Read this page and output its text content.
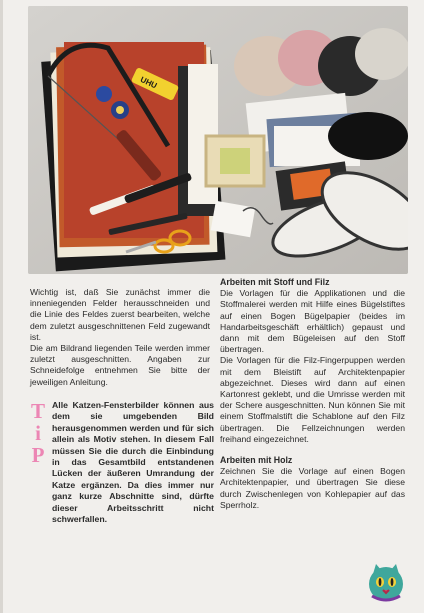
UHU

Wichtig ist, daß Sie zunächst immer die inneniegenden Felder herausschneiden und die Linie des Feldes zuerst bearbeiten, welche dem zuletzt ausgeschnittenen Feld zugewandt ist.

Die am Bildrand liegenden Teile werden immer zuletzt ausgeschnitten. Angaben zur Schneidefolge entnehmen Sie bitte der jeweiligen Anleitung.

T
i
P
Alle Katzen-Fensterbilder können aus dem sie umgebenden Bild herausgenommen werden und für sich allein als Motiv stehen. In diesem Fall müssen Sie die durch die Einbindung in das Gesamtbild entstandenen Lücken der äußeren Umrandung der Katze ergänzen. Da dies immer nur ganz kurze Abschnitte sind, dürfte dieser Arbeitsschritt nicht schwerfallen.
Arbeiten mit Stoff und Filz

Die Vorlagen für die Applikationen und die Stoffmalerei werden mit Hilfe eines Bügelstiftes auf einen Bogen Bügelpapier (beides im Handarbeitsgeschäft erhältlich) gepaust und dann mit dem Bügeleisen auf den Stoff übertragen.

Die Vorlagen für die Filz-Fingerpuppen werden mit dem Bleistift auf Architektenpapier abgezeichnet. Dieses wird dann auf einen Kartonrest geklebt, und die Umrisse werden mit der Schere ausgeschnitten. Nun können Sie mit einem Stoffmalstift die Schablone auf den Filz übertragen. Die Fellzeichnungen werden freihand eingezeichnet.

Arbeiten mit Holz

Zeichnen Sie die Vorlage auf einen Bogen Architektenpapier, und übertragen Sie diese durch Zwischenlegen von Kohlepapier auf das Sperrholz.
